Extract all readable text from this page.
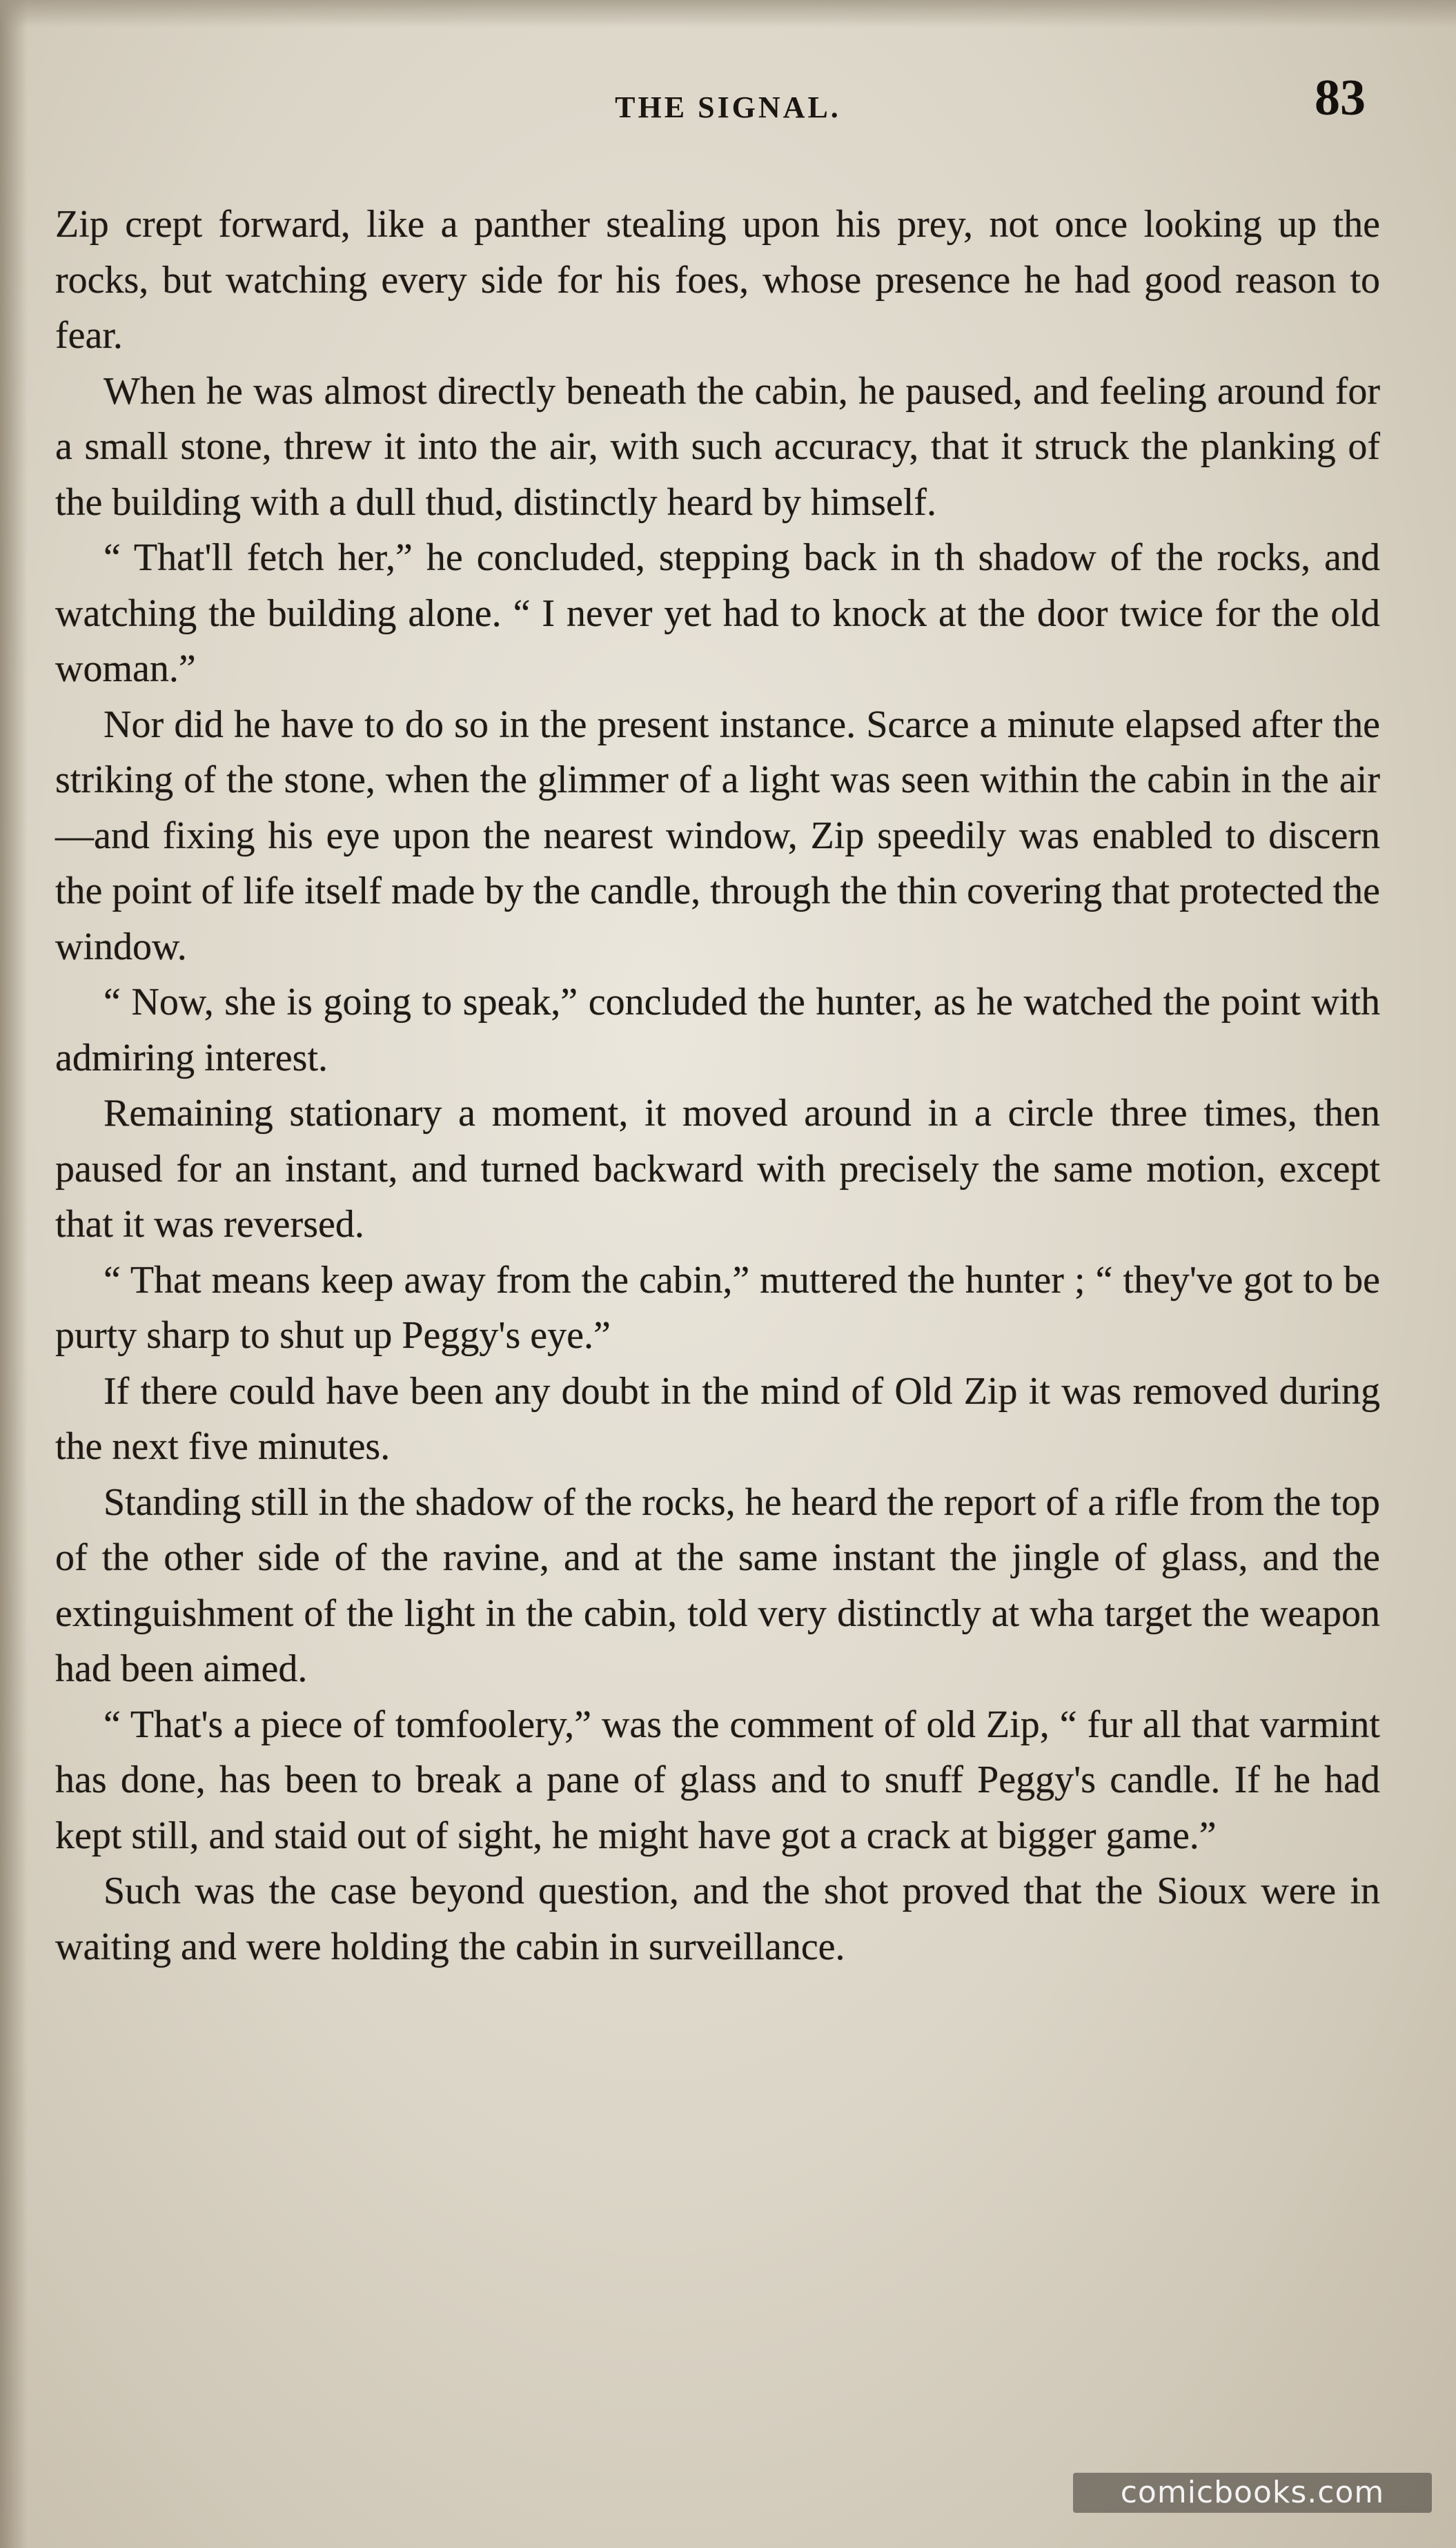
THE SIGNAL.	83

Zip crept forward, like a panther stealing upon his prey, not once looking up the rocks, but watching every side for his foes, whose presence he had good reason to fear.

When he was almost directly beneath the cabin, he paused, and feeling around for a small stone, threw it into the air, with such accuracy, that it struck the planking of the building with a dull thud, distinctly heard by himself.

“ That'll fetch her,” he concluded, stepping back in th shadow of the rocks, and watching the building alone. “ I never yet had to knock at the door twice for the old woman.”

Nor did he have to do so in the present instance. Scarce a minute elapsed after the striking of the stone, when the glimmer of a light was seen within the cabin in the air—and fixing his eye upon the nearest window, Zip speedily was enabled to discern the point of life itself made by the candle, through the thin covering that protected the window.

“ Now, she is going to speak,” concluded the hunter, as he watched the point with admiring interest.

Remaining stationary a moment, it moved around in a circle three times, then paused for an instant, and turned backward with precisely the same motion, except that it was reversed.

“ That means keep away from the cabin,” muttered the hunter ; “ they've got to be purty sharp to shut up Peggy's eye.”

If there could have been any doubt in the mind of Old Zip it was removed during the next five minutes.

Standing still in the shadow of the rocks, he heard the report of a rifle from the top of the other side of the ravine, and at the same instant the jingle of glass, and the extinguishment of the light in the cabin, told very distinctly at wha target the weapon had been aimed.

“ That's a piece of tomfoolery,” was the comment of old Zip, “ fur all that varmint has done, has been to break a pane of glass and to snuff Peggy's candle. If he had kept still, and staid out of sight, he might have got a crack at bigger game.”

Such was the case beyond question, and the shot proved that the Sioux were in waiting and were holding the cabin in surveillance.

comicbooks.com
